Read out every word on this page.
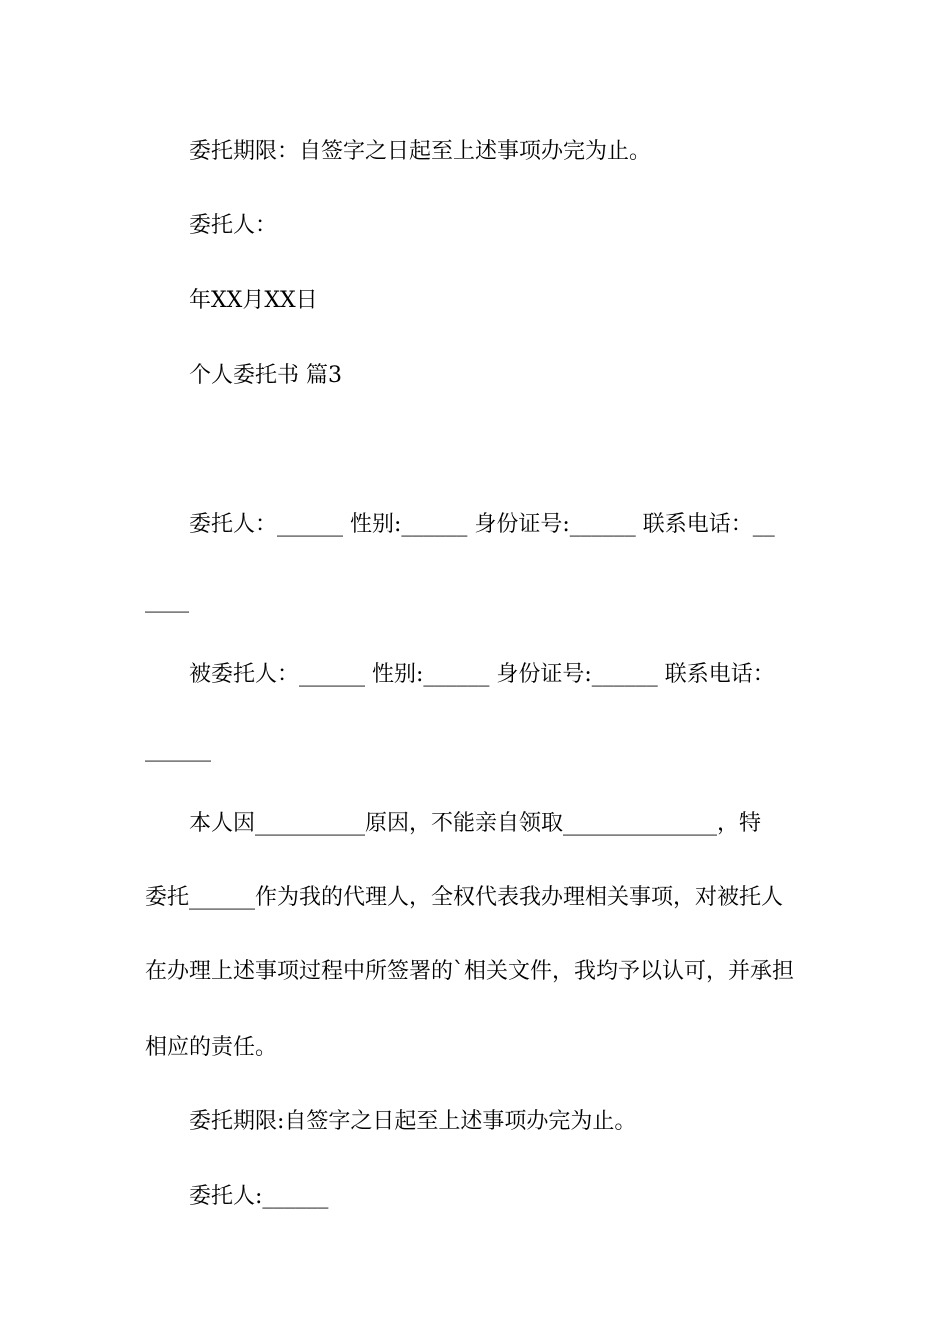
委托期限：自签字之日起至上述事项办完为止。

委托人：

年XX月XX日

个人委托书 篇3

委托人：______ 性别:______ 身份证号:______ 联系电话：__

____

被委托人：______ 性别:______ 身份证号:______ 联系电话：

______

本人因__________原因，不能亲自领取______________，特

委托______作为我的代理人，全权代表我办理相关事项，对被托人

在办理上述事项过程中所签署的`相关文件，我均予以认可，并承担

相应的责任。

委托期限:自签字之日起至上述事项办完为止。

委托人:______
